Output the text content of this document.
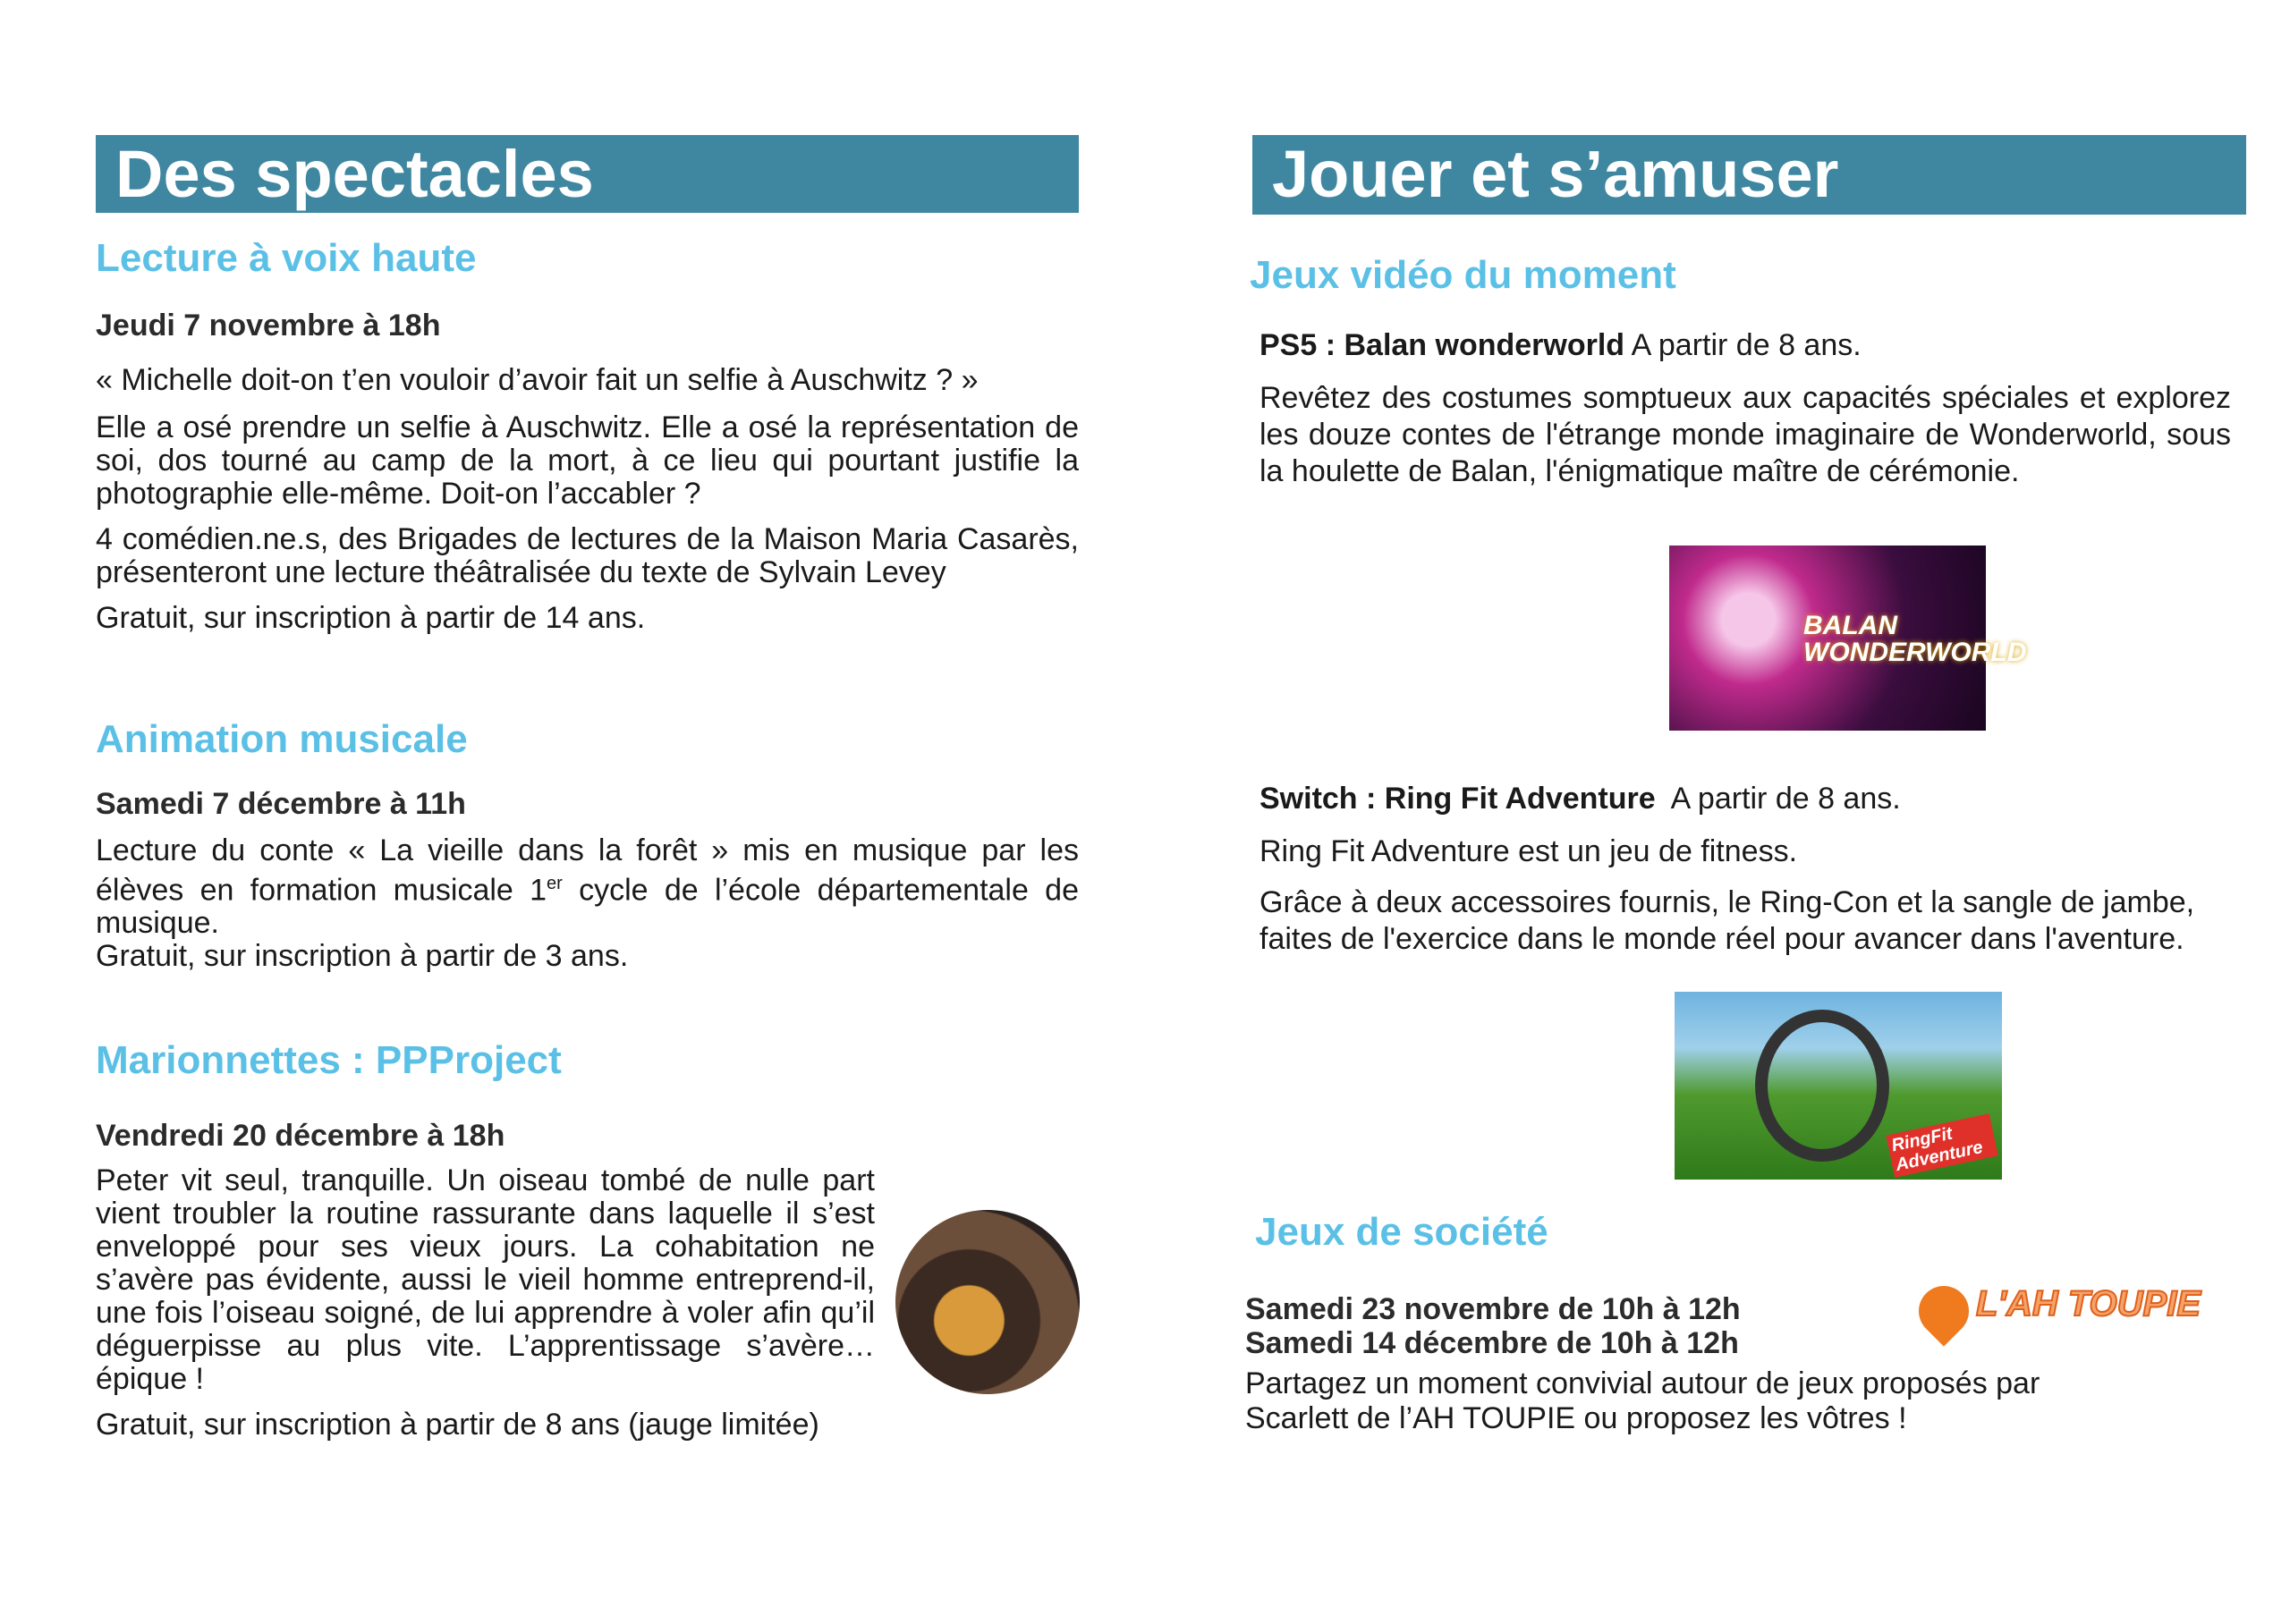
Des spectacles
Lecture à voix haute
Jeudi 7 novembre à 18h

« Michelle doit-on t’en vouloir d’avoir fait un selfie à Auschwitz ? »

Elle a osé prendre un selfie à Auschwitz. Elle a osé la représentation de soi, dos tourné au camp de la mort, à ce lieu qui pourtant justifie la photographie elle-même. Doit-on l’accabler ?

4 comédien.ne.s, des Brigades de lectures de la Maison Maria Casarès, présenteront une lecture théâtralisée du texte de Sylvain Levey

Gratuit, sur inscription à partir de 14 ans.

Animation musicale
Samedi 7 décembre à 11h

Lecture du conte « La vieille dans la forêt » mis en musique par les élèves en formation musicale 1er cycle de l’école départementale de musique.

Gratuit, sur inscription à partir de 3 ans.

Marionnettes : PPProject
Vendredi 20 décembre à 18h

Peter vit seul, tranquille. Un oiseau tombé de nulle part vient troubler la routine rassurante dans laquelle il s’est enveloppé pour ses vieux jours. La cohabitation ne s’avère pas évidente, aussi le vieil homme entreprend-il, une fois l’oiseau soigné, de lui apprendre à voler afin qu’il déguerpisse au plus vite. L’apprentissage s’avère… épique !

Gratuit, sur inscription à partir de 8 ans (jauge limitée)

Jouer et s’amuser
Jeux vidéo du moment
PS5 : Balan wonderworld A partir de 8 ans.

Revêtez des costumes somptueux aux capacités spéciales et explorez les douze contes de l'étrange monde imaginaire de Wonderworld, sous la houlette de Balan, l'énigmatique maître de cérémonie.

BALAN WONDERWORLD
Switch : Ring Fit Adventure  A partir de 8 ans.

Ring Fit Adventure est un jeu de fitness.

Grâce à deux accessoires fournis, le Ring-Con et la sangle de jambe, faites de l'exercice dans le monde réel pour avancer dans l'aventure.

RingFit Adventure
Jeux de société
Samedi 23 novembre de 10h à 12h
Samedi 14 décembre de 10h à 12h

Partagez un moment convivial autour de jeux proposés par Scarlett de l’AH TOUPIE ou proposez les vôtres !

L'AH TOUPIE
